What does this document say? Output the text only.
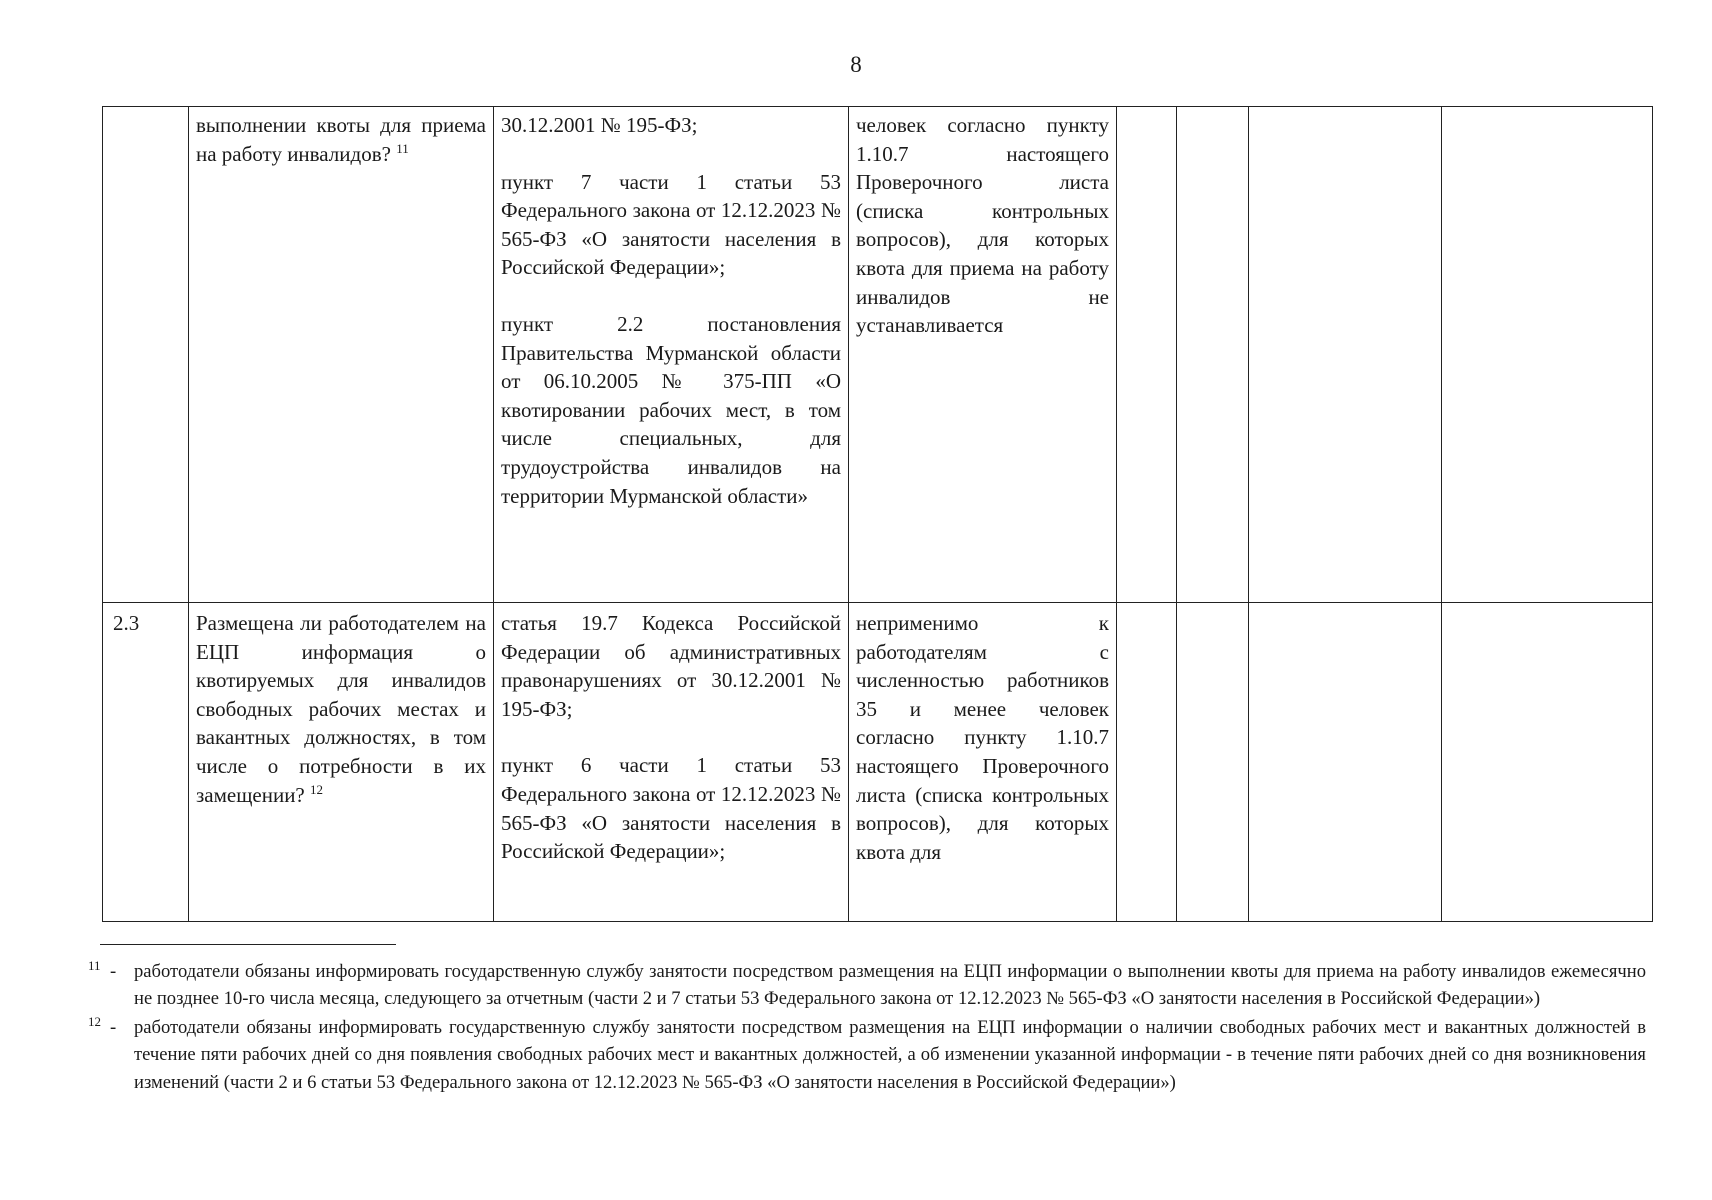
8
	выполнении квоты для приема на работу инвалидов? $^{11}$	30.12.2001 № 195-ФЗ;
пункт 7 части 1 статьи 53 Федерального закона от 12.12.2023 № 565-ФЗ «О занятости населения в Российской Федерации»;
пункт 2.2 постановления Правительства Мурманской области от 06.10.2005 № 375-ПП «О квотировании рабочих мест, в том числе специальных, для трудоустройства инвалидов на территории Мурманской области»	человек согласно пункту 1.10.7 настоящего Проверочного листа (списка контрольных вопросов), для которых квота для приема на работу инвалидов не устанавливается				
2.3	Размещена ли работодателем на ЕЦП информация о квотируемых для инвалидов свободных рабочих местах и вакантных должностях, в том числе о потребности в их замещении? $^{12}$	статья 19.7 Кодекса Российской Федерации об административных правонарушениях от 30.12.2001 № 195-ФЗ;
пункт 6 части 1 статьи 53 Федерального закона от 12.12.2023 № 565-ФЗ «О занятости населения в Российской Федерации»;	неприменимо к работодателям с численностью работников 35 и менее человек согласно пункту 1.10.7 настоящего Проверочного листа (списка контрольных вопросов), для которых квота для				
11 - работодатели обязаны информировать государственную службу занятости посредством размещения на ЕЦП информации о выполнении квоты для приема на работу инвалидов ежемесячно не позднее 10-го числа месяца, следующего за отчетным (части 2 и 7 статьи 53 Федерального закона от 12.12.2023 № 565-ФЗ «О занятости населения в Российской Федерации»)
12 - работодатели обязаны информировать государственную службу занятости посредством размещения на ЕЦП информации о наличии свободных рабочих мест и вакантных должностей в течение пяти рабочих дней со дня появления свободных рабочих мест и вакантных должностей, а об изменении указанной информации - в течение пяти рабочих дней со дня возникновения изменений (части 2 и 6 статьи 53 Федерального закона от 12.12.2023 № 565-ФЗ «О занятости населения в Российской Федерации»)
